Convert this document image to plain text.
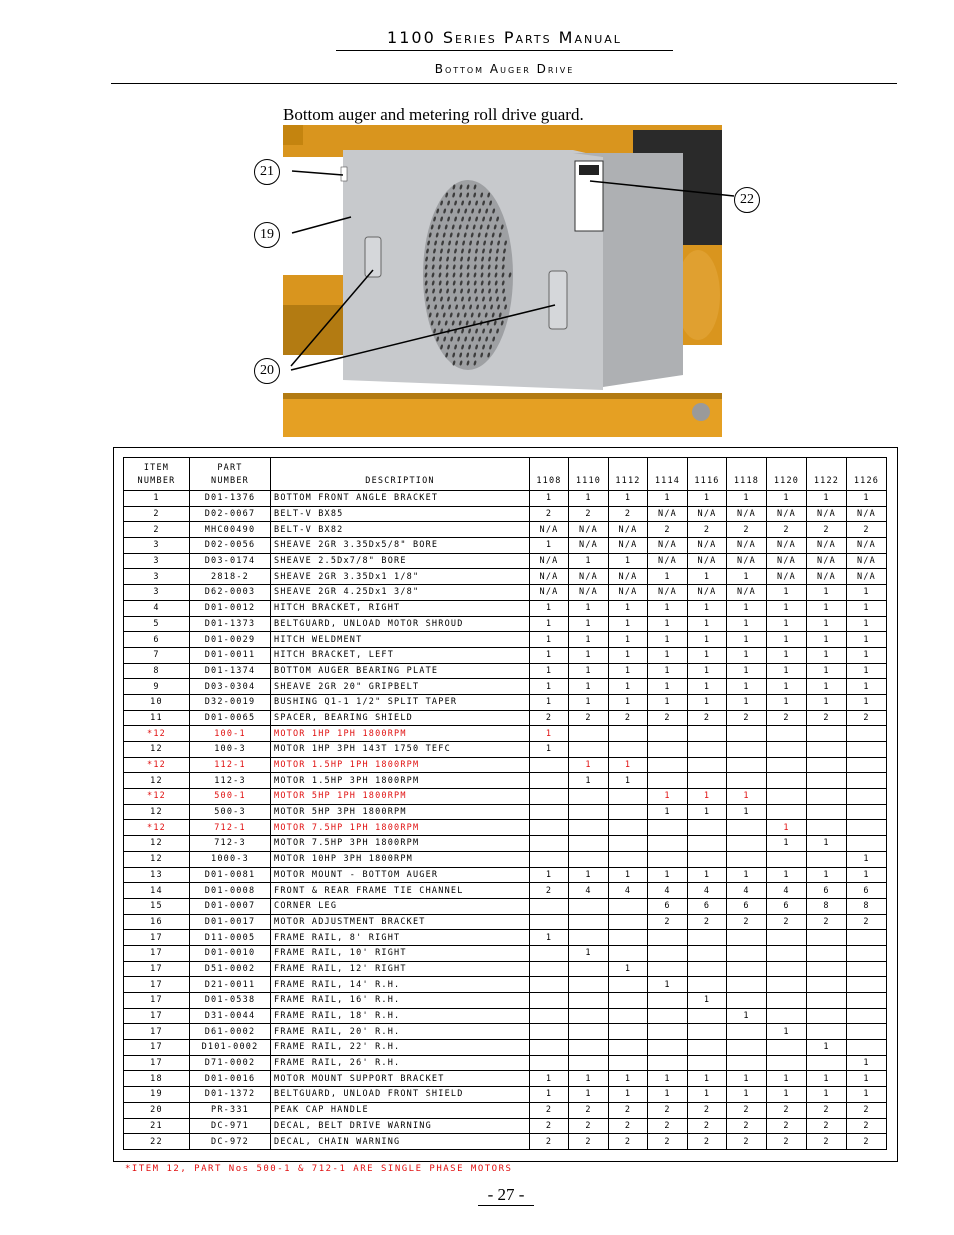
1100 Series Parts Manual
Bottom Auger Drive
Bottom auger and metering roll drive guard.
21
19
20
22
ITEM
NUMBER	PART
NUMBER	DESCRIPTION	1108	1110	1112	1114	1116	1118	1120	1122	1126
1	D01-1376	BOTTOM FRONT ANGLE BRACKET	1	1	1	1	1	1	1	1	1
2	D02-0067	BELT-V BX85	2	2	2	N/A	N/A	N/A	N/A	N/A	N/A
2	MHC00490	BELT-V BX82	N/A	N/A	N/A	2	2	2	2	2	2
3	D02-0056	SHEAVE 2GR 3.35Dx5/8" BORE	1	N/A	N/A	N/A	N/A	N/A	N/A	N/A	N/A
3	D03-0174	SHEAVE 2.5Dx7/8" BORE	N/A	1	1	N/A	N/A	N/A	N/A	N/A	N/A
3	2818-2	SHEAVE 2GR 3.35Dx1 1/8"	N/A	N/A	N/A	1	1	1	N/A	N/A	N/A
3	D62-0003	SHEAVE 2GR 4.25Dx1 3/8"	N/A	N/A	N/A	N/A	N/A	N/A	1	1	1
4	D01-0012	HITCH BRACKET, RIGHT	1	1	1	1	1	1	1	1	1
5	D01-1373	BELTGUARD, UNLOAD MOTOR SHROUD	1	1	1	1	1	1	1	1	1
6	D01-0029	HITCH WELDMENT	1	1	1	1	1	1	1	1	1
7	D01-0011	HITCH BRACKET, LEFT	1	1	1	1	1	1	1	1	1
8	D01-1374	BOTTOM AUGER BEARING PLATE	1	1	1	1	1	1	1	1	1
9	D03-0304	SHEAVE 2GR 20" GRIPBELT	1	1	1	1	1	1	1	1	1
10	D32-0019	BUSHING Q1-1 1/2" SPLIT TAPER	1	1	1	1	1	1	1	1	1
11	D01-0065	SPACER, BEARING SHIELD	2	2	2	2	2	2	2	2	2
*12	100-1	MOTOR 1HP 1PH 1800RPM	1								
12	100-3	MOTOR 1HP 3PH 143T 1750 TEFC	1								
*12	112-1	MOTOR 1.5HP 1PH 1800RPM		1	1						
12	112-3	MOTOR 1.5HP 3PH 1800RPM		1	1						
*12	500-1	MOTOR 5HP 1PH 1800RPM				1	1	1			
12	500-3	MOTOR 5HP 3PH 1800RPM				1	1	1			
*12	712-1	MOTOR 7.5HP 1PH 1800RPM							1		
12	712-3	MOTOR 7.5HP 3PH 1800RPM							1	1	
12	1000-3	MOTOR 10HP 3PH 1800RPM									1
13	D01-0081	MOTOR MOUNT - BOTTOM AUGER	1	1	1	1	1	1	1	1	1
14	D01-0008	FRONT & REAR FRAME TIE CHANNEL	2	4	4	4	4	4	4	6	6
15	D01-0007	CORNER LEG				6	6	6	6	8	8
16	D01-0017	MOTOR ADJUSTMENT BRACKET				2	2	2	2	2	2
17	D11-0005	FRAME RAIL, 8' RIGHT	1								
17	D01-0010	FRAME RAIL, 10' RIGHT		1							
17	D51-0002	FRAME RAIL, 12' RIGHT			1						
17	D21-0011	FRAME RAIL, 14' R.H.				1					
17	D01-0538	FRAME RAIL, 16' R.H.					1				
17	D31-0044	FRAME RAIL, 18' R.H.						1			
17	D61-0002	FRAME RAIL, 20' R.H.							1		
17	D101-0002	FRAME RAIL, 22' R.H.								1	
17	D71-0002	FRAME RAIL, 26' R.H.									1
18	D01-0016	MOTOR MOUNT SUPPORT BRACKET	1	1	1	1	1	1	1	1	1
19	D01-1372	BELTGUARD, UNLOAD FRONT SHIELD	1	1	1	1	1	1	1	1	1
20	PR-331	PEAK CAP HANDLE	2	2	2	2	2	2	2	2	2
21	DC-971	DECAL, BELT DRIVE WARNING	2	2	2	2	2	2	2	2	2
22	DC-972	DECAL, CHAIN WARNING	2	2	2	2	2	2	2	2	2
*ITEM 12, PART Nos 500-1 & 712-1 ARE SINGLE PHASE MOTORS
- 27 -
